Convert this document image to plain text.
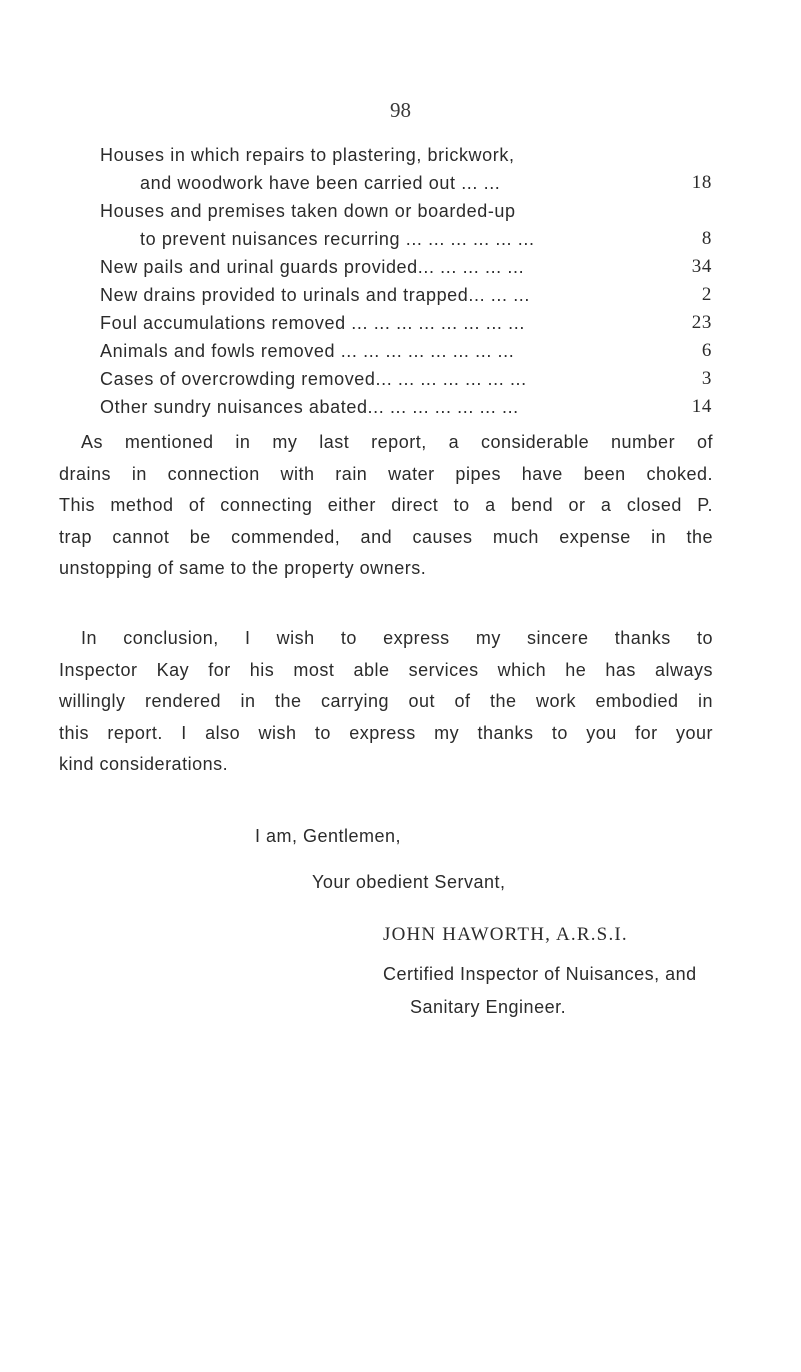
98
Houses in which repairs to plastering, brickwork,
and woodwork have been carried out ... ...	18
Houses and premises taken down or boarded-up
to prevent nuisances recurring ... ... ... ... ... ...	8
New pails and urinal guards provided... ... ... ... ...	34
New drains provided to urinals and trapped... ... ...	2
Foul accumulations removed ... ... ... ... ... ... ... ...	23
Animals and fowls removed ... ... ... ... ... ... ... ...	6
Cases of overcrowding removed... ... ... ... ... ... ...	3
Other sundry nuisances abated... ... ... ... ... ... ...	14
As mentioned in my last report, a considerable number of
drains in connection with rain water pipes have been choked.
This method of connecting either direct to a bend or a closed P.
trap cannot be commended, and causes much expense in the
unstopping of same to the property owners.
In conclusion, I wish to express my sincere thanks to
Inspector Kay for his most able services which he has always
willingly rendered in the carrying out of the work embodied in
this report. I also wish to express my thanks to you for your
kind considerations.
I am, Gentlemen,
Your obedient Servant,
JOHN HAWORTH, A.R.S.I.
Certified Inspector of Nuisances, and
Sanitary Engineer.
